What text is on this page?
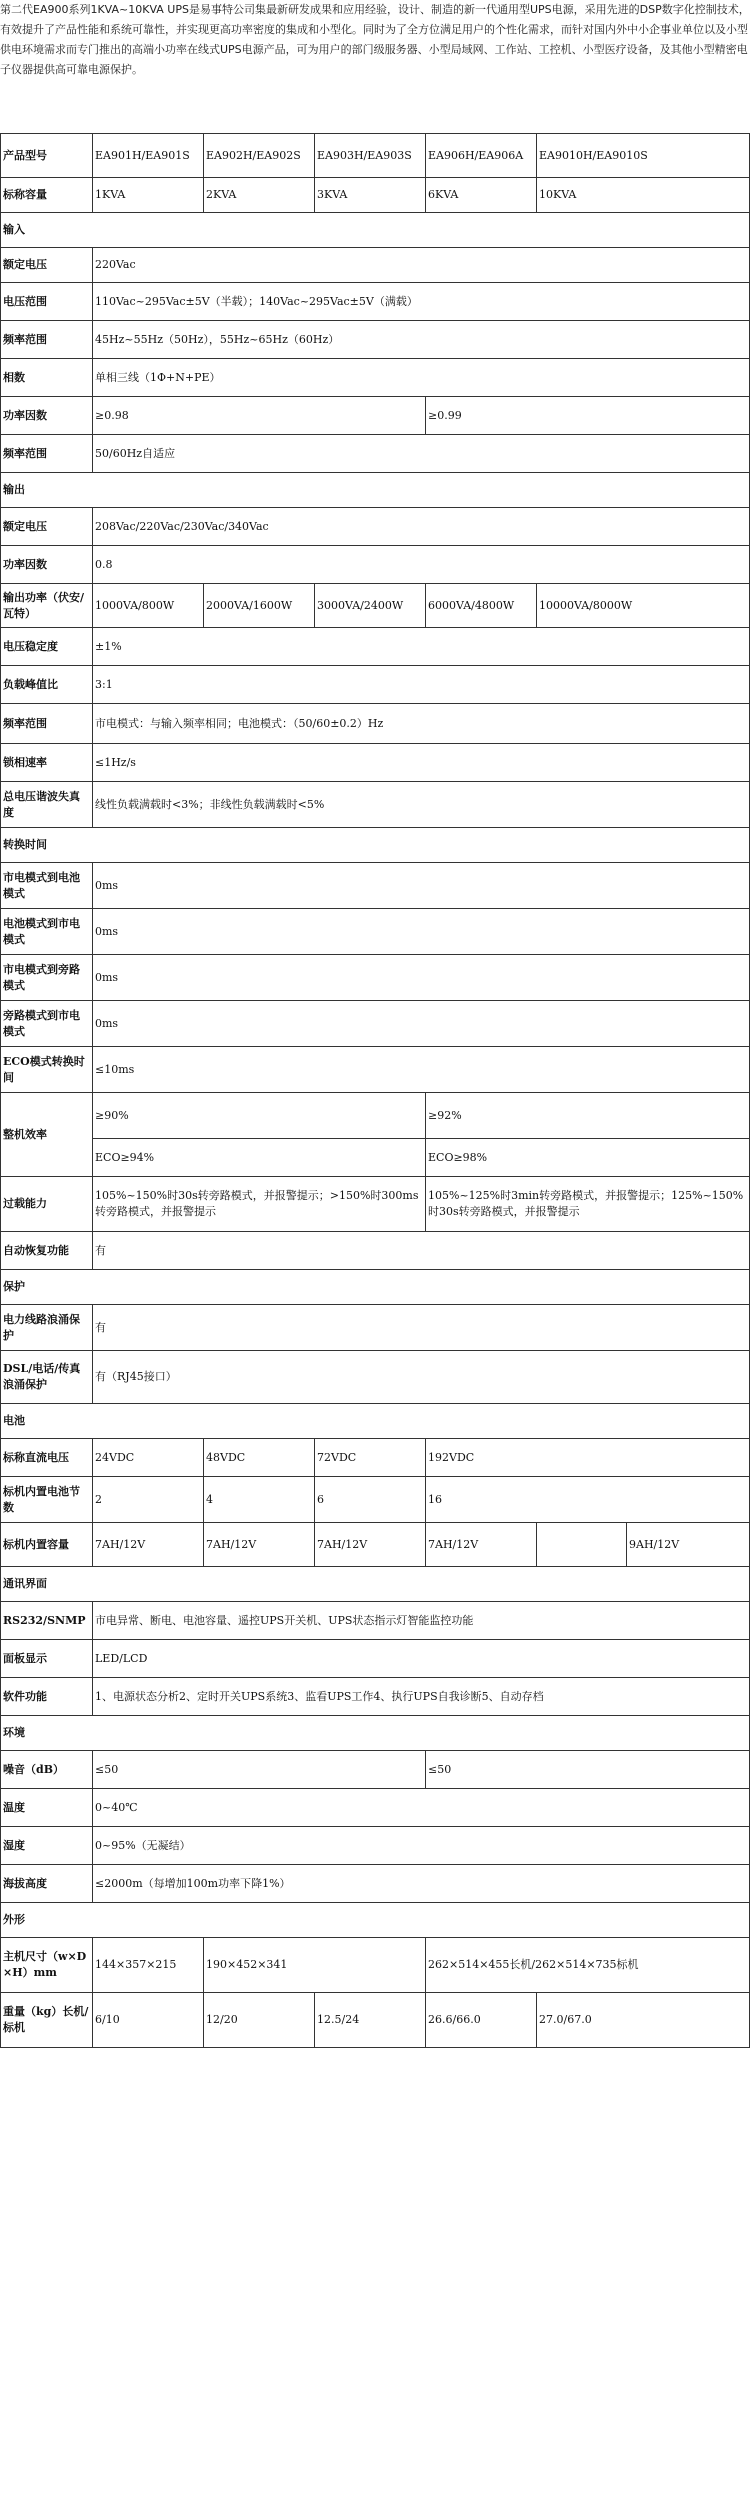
第二代EA900系列1KVA~10KVA UPS是易事特公司集最新研发成果和应用经验，设计、制造的新一代通用型UPS电源，采用先进的DSP数字化控制技术，有效提升了产品性能和系统可靠性，并实现更高功率密度的集成和小型化。同时为了全方位满足用户的个性化需求，而针对国内外中小企事业单位以及小型供电环境需求而专门推出的高端小功率在线式UPS电源产品，可为用户的部门级服务器、小型局域网、工作站、工控机、小型医疗设备，及其他小型精密电子仪器提供高可靠电源保护。
产品型号	EA901H/EA901S	EA902H/EA902S	EA903H/EA903S	EA906H/EA906A	EA9010H/EA9010S	
标称容量	1KVA	2KVA	3KVA	6KVA	10KVA	
输入						
额定电压	220Vac					
电压范围	110Vac~295Vac±5V（半载）；140Vac~295Vac±5V（满载）					
频率范围	45Hz~55Hz（50Hz），55Hz~65Hz（60Hz）					
相数	单相三线（1Φ+N+PE）					
功率因数	≥0.98			≥0.99		
频率范围	50/60Hz自适应					
输出						
额定电压	208Vac/220Vac/230Vac/340Vac					
功率因数	0.8					
输出功率（伏安/瓦特）	1000VA/800W	2000VA/1600W	3000VA/2400W	6000VA/4800W	10000VA/8000W	
电压稳定度	±1%					
负载峰值比	3:1					
频率范围	市电模式：与输入频率相同；电池模式：（50/60±0.2）Hz					
锁相速率	≤1Hz/s					
总电压谐波失真度	线性负载满载时<3%；非线性负载满载时<5%					
转换时间						
市电模式到电池模式	0ms					
电池模式到市电模式	0ms					
市电模式到旁路模式	0ms					
旁路模式到市电模式	0ms					
ECO模式转换时间	≤10ms					
整机效率	≥90%			≥92%		
	ECO≥94%			ECO≥98%		
过载能力	105%~150%时30s转旁路模式，并报警提示；>150%时300ms转旁路模式，并报警提示			105%~125%时3min转旁路模式，并报警提示；125%~150%时30s转旁路模式，并报警提示		
自动恢复功能	有					
保护						
电力线路浪涌保护	有					
DSL/电话/传真浪涌保护	有（RJ45接口）					
电池						
标称直流电压	24VDC	48VDC	72VDC	192VDC		
标机内置电池节数	2	4	6	16		
标机内置容量	7AH/12V	7AH/12V	7AH/12V	7AH/12V		9AH/12V
通讯界面						
RS232/SNMP	市电异常、断电、电池容量、遥控UPS开关机、UPS状态指示灯智能监控功能					
面板显示	LED/LCD					
软件功能	1、电源状态分析2、定时开关UPS系统3、监看UPS工作4、执行UPS自我诊断5、自动存档					
环境						
噪音（dB）	≤50			≤50		
温度	0~40℃					
湿度	0~95%（无凝结）					
海拔高度	≤2000m（每增加100m功率下降1%）					
外形						
主机尺寸（w×D×H）mm	144×357×215	190×452×341		262×514×455长机/262×514×735标机		
重量（kg）长机/标机	6/10	12/20	12.5/24	26.6/66.0	27.0/67.0	
